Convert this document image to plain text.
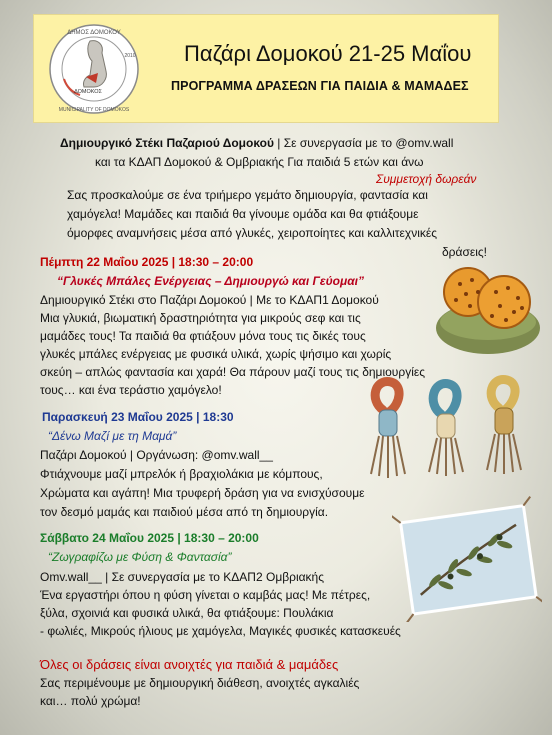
ΔΗΜΟΣ ΔΟΜΟΚΟΥ
MUNICIPALITY OF DOMOKOS
2010
ΔΟΜΟΚΟΣ
Παζάρι Δομοκού 21-25 Μαΐου
ΠΡΟΓΡΑΜΜΑ ΔΡΑΣΕΩΝ ΓΙΑ ΠΑΙΔΙΑ & ΜΑΜΑΔΕΣ
Δημιουργικό Στέκι Παζαριού Δομοκού | Σε συνεργασία με το @omv.wall
και τα ΚΔΑΠ Δομοκού & Ομβριακής Για παιδιά 5 ετών και άνω
Συμμετοχή δωρεάν
Σας προσκαλούμε σε ένα τριήμερο γεμάτο δημιουργία, φαντασία και
χαμόγελα! Μαμάδες και παιδιά θα γίνουμε ομάδα και θα φτιάξουμε
όμορφες αναμνήσεις μέσα από γλυκές, χειροποίητες και καλλιτεχνικές
δράσεις!
Πέμπτη 22 Μαΐου 2025 | 18:30 – 20:00
“Γλυκές Μπάλες Ενέργειας – Δημιουργώ και Γεύομαι”
Δημιουργικό Στέκι στο Παζάρι Δομοκού | Με το ΚΔΑΠ1 Δομοκού
Μια γλυκιά, βιωματική δραστηριότητα για μικρούς σεφ και τις
μαμάδες τους! Τα παιδιά θα φτιάξουν μόνα τους τις δικές τους
γλυκές μπάλες ενέργειας με φυσικά υλικά, χωρίς ψήσιμο και χωρίς
σκεύη – απλώς φαντασία και χαρά! Θα πάρουν μαζί τους τις δημιουργίες
τους… και ένα τεράστιο χαμόγελο!
Παρασκευή 23 Μαΐου 2025 | 18:30
“Δένω Μαζί με τη Μαμά”
Παζάρι Δομοκού | Οργάνωση: @omv.wall__
Φτιάχνουμε μαζί μπρελόκ ή βραχιολάκια με κόμπους,
Χρώματα και αγάπη! Μια τρυφερή δράση για να ενισχύσουμε
τον δεσμό μαμάς και παιδιού μέσα από τη δημιουργία.
Σάββατο 24 Μαΐου 2025 | 18:30 – 20:00
“Ζωγραφίζω με Φύση & Φαντασία”
Omv.wall__ | Σε συνεργασία με το ΚΔΑΠ2 Ομβριακής
Ένα εργαστήρι όπου η φύση γίνεται ο καμβάς μας! Με πέτρες,
ξύλα, σχοινιά και φυσικά υλικά, θα φτιάξουμε: Πουλάκια
- φωλιές, Μικρούς ήλιους με χαμόγελα, Μαγικές φυσικές κατασκευές
Όλες οι δράσεις είναι ανοιχτές για παιδιά & μαμάδες
Σας περιμένουμε με δημιουργική διάθεση, ανοιχτές αγκαλιές
και… πολύ χρώμα!
